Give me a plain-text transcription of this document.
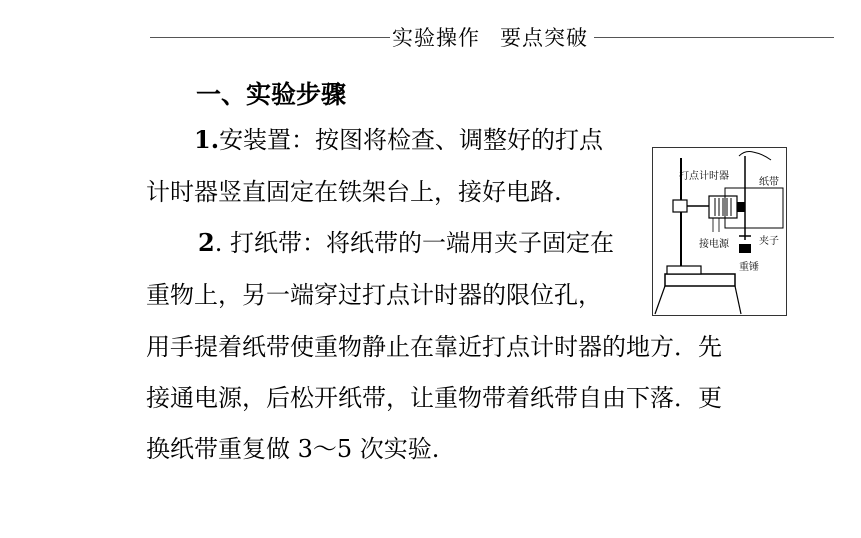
实验操作 要点突破
一、实验步骤
1.安装置：按图将检查、调整好的打点
计时器竖直固定在铁架台上，接好电路.
2. 打纸带：将纸带的一端用夹子固定在
重物上，另一端穿过打点计时器的限位孔，
用手提着纸带使重物静止在靠近打点计时器的地方．先
接通电源，后松开纸带，让重物带着纸带自由下落．更
换纸带重复做 3～5 次实验.
打点计时器
纸带
夹子
接电源
重锤
